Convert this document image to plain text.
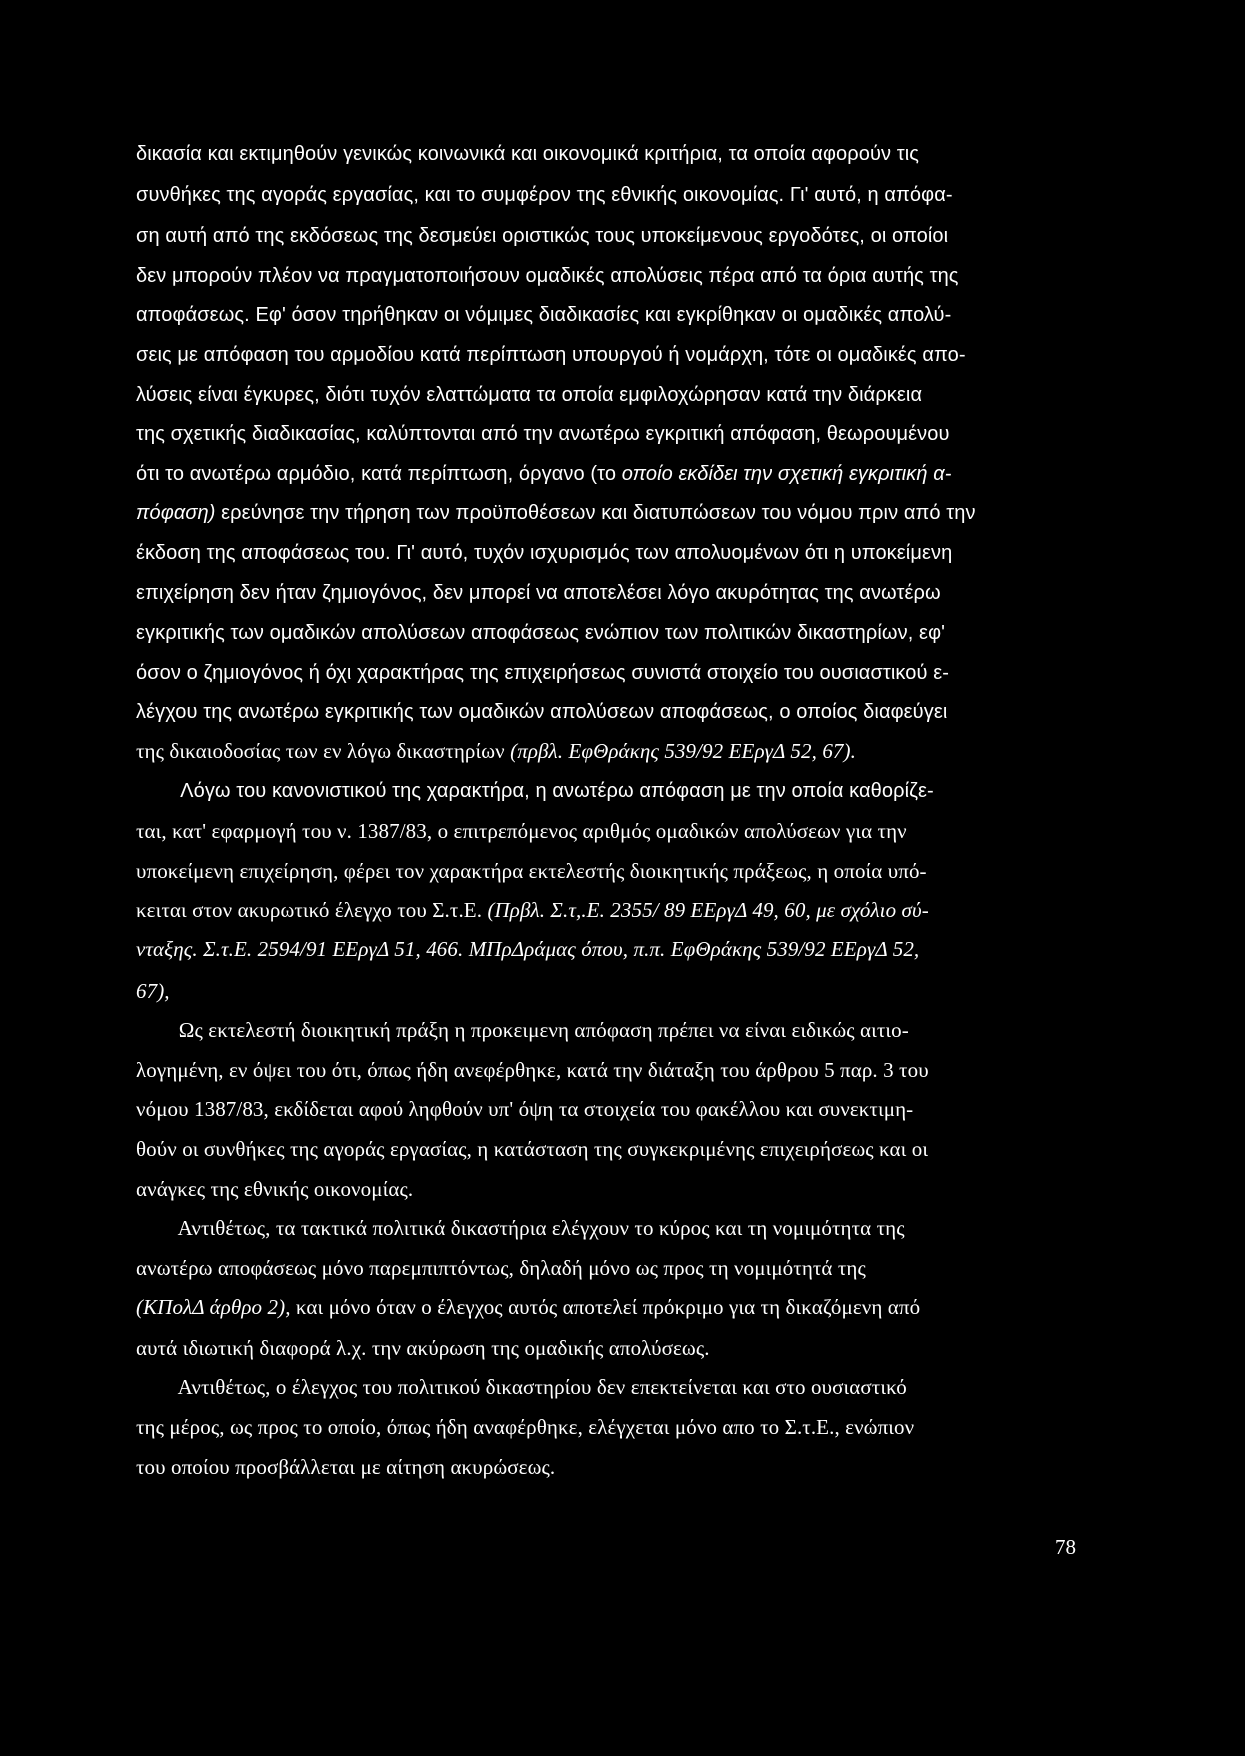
δικασία και εκτιμηθούν γενικώς κοινωνικά και οικονομικά κριτήρια, τα οποία αφορούν τις
συνθήκες της αγοράς εργασίας, και το συμφέρον της εθνικής οικονομίας. Γι' αυτό, η απόφα-
ση αυτή από της εκδόσεως της δεσμεύει οριστικώς τους υποκείμενους εργοδότες, οι οποίοι
δεν μπορούν πλέον να πραγματοποιήσουν ομαδικές απολύσεις πέρα από τα όρια αυτής της
αποφάσεως. Εφ' όσον τηρήθηκαν οι νόμιμες διαδικασίες και εγκρίθηκαν οι ομαδικές απολύ-
σεις με απόφαση του αρμοδίου κατά περίπτωση υπουργού ή νομάρχη, τότε οι ομαδικές απο-
λύσεις είναι έγκυρες, διότι τυχόν ελαττώματα τα οποία εμφιλοχώρησαν κατά την διάρκεια
της σχετικής διαδικασίας, καλύπτονται από την ανωτέρω εγκριτική απόφαση, θεωρουμένου
ότι το ανωτέρω αρμόδιο, κατά περίπτωση, όργανο (το οποίο εκδίδει την σχετική εγκριτική α-
πόφαση) ερεύνησε την τήρηση των προϋποθέσεων και διατυπώσεων του νόμου πριν από την
έκδοση της αποφάσεως του. Γι' αυτό, τυχόν ισχυρισμός των απολυομένων ότι η υποκείμενη
επιχείρηση δεν ήταν ζημιογόνος, δεν μπορεί να αποτελέσει λόγο ακυρότητας της ανωτέρω
εγκριτικής των ομαδικών απολύσεων αποφάσεως ενώπιον των πολιτικών δικαστηρίων, εφ'
όσον ο ζημιογόνος ή όχι χαρακτήρας της επιχειρήσεως συνιστά στοιχείο του ουσιαστικού ε-
λέγχου της ανωτέρω εγκριτικής των ομαδικών απολύσεων αποφάσεως, ο οποίος διαφεύγει
της δικαιοδοσίας των εν λόγω δικαστηρίων (πρβλ. ΕφΘράκης 539/92 ΕΕργΔ 52, 67).
Λόγω του κανονιστικού της χαρακτήρα, η ανωτέρω απόφαση με την οποία καθορίζε-
ται, κατ' εφαρμογή του ν. 1387/83, ο επιτρεπόμενος αριθμός ομαδικών απολύσεων για την
υποκείμενη επιχείρηση, φέρει τον χαρακτήρα εκτελεστής διοικητικής πράξεως, η οποία υπό-
κειται στον ακυρωτικό έλεγχο του Σ.τ.Ε. (Πρβλ. Σ.τ,.Ε. 2355/ 89 ΕΕργΔ 49, 60, με σχόλιο σύ-
νταξης. Σ.τ.Ε. 2594/91 ΕΕργΔ 51, 466. ΜΠρΔράμας όπου, π.π. ΕφΘράκης 539/92 ΕΕργΔ 52,
67),
Ως εκτελεστή διοικητική πράξη η προκειμενη απόφαση πρέπει να είναι ειδικώς αιτιο-
λογημένη, εν όψει του ότι, όπως ήδη ανεφέρθηκε, κατά την διάταξη του άρθρου 5 παρ. 3 του
νόμου 1387/83, εκδίδεται αφού ληφθούν υπ' όψη τα στοιχεία του φακέλλου και συνεκτιμη-
θούν οι συνθήκες της αγοράς εργασίας, η κατάσταση της συγκεκριμένης επιχειρήσεως και οι
ανάγκες της εθνικής οικονομίας.
Αντιθέτως, τα τακτικά πολιτικά δικαστήρια ελέγχουν το κύρος και τη νομιμότητα της
ανωτέρω αποφάσεως μόνο παρεμπιπτόντως, δηλαδή μόνο ως προς τη νομιμότητά της
(ΚΠολΔ άρθρο 2), και μόνο όταν ο έλεγχος αυτός αποτελεί πρόκριμο για τη δικαζόμενη από
αυτά ιδιωτική διαφορά λ.χ. την ακύρωση της ομαδικής απολύσεως.
Αντιθέτως, ο έλεγχος του πολιτικού δικαστηρίου δεν επεκτείνεται και στο ουσιαστικό
της μέρος, ως προς το οποίο, όπως ήδη αναφέρθηκε, ελέγχεται μόνο απο το Σ.τ.Ε., ενώπιον
του οποίου προσβάλλεται με αίτηση ακυρώσεως.
78
